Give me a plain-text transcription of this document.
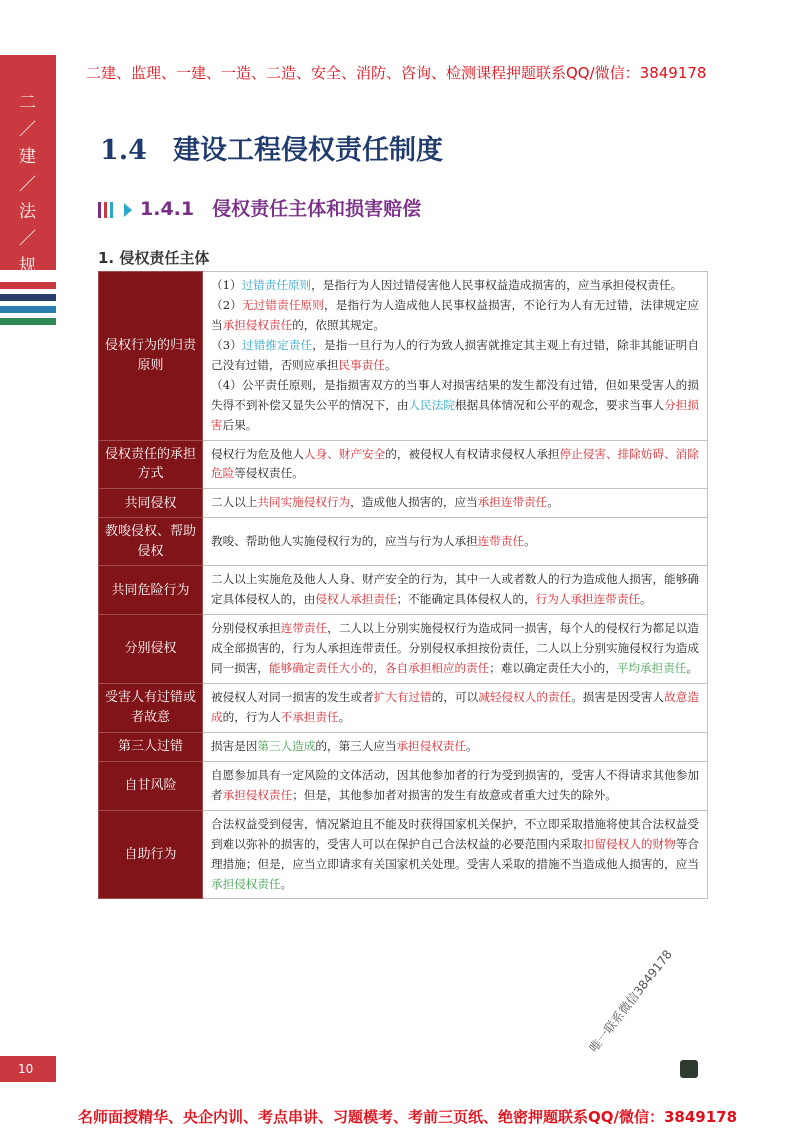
二
／
建
／
法
／
规
10
二建、监理、一建、一造、二造、安全、消防、咨询、检测课程押题联系QQ/微信：3849178
1.4 建设工程侵权责任制度
1.4.1 侵权责任主体和损害赔偿
1. 侵权责任主体
侵权行为的归责原则	（1）过错责任原则，是指行为人因过错侵害他人民事权益造成损害的，应当承担侵权责任。
（2）无过错责任原则，是指行为人造成他人民事权益损害，不论行为人有无过错，法律规定应当承担侵权责任的，依照其规定。
（3）过错推定责任，是指一旦行为人的行为致人损害就推定其主观上有过错，除非其能证明自己没有过错，否则应承担民事责任。
（4）公平责任原则，是指损害双方的当事人对损害结果的发生都没有过错，但如果受害人的损失得不到补偿又显失公平的情况下，由人民法院根据具体情况和公平的观念，要求当事人分担损害后果。

侵权责任的承担方式	侵权行为危及他人人身、财产安全的，被侵权人有权请求侵权人承担停止侵害、排除妨碍、消除危险等侵权责任。
共同侵权	二人以上共同实施侵权行为，造成他人损害的，应当承担连带责任。
教唆侵权、帮助侵权	教唆、帮助他人实施侵权行为的，应当与行为人承担连带责任。
共同危险行为	二人以上实施危及他人人身、财产安全的行为，其中一人或者数人的行为造成他人损害，能够确定具体侵权人的，由侵权人承担责任；不能确定具体侵权人的，行为人承担连带责任。
分别侵权	分别侵权承担连带责任，二人以上分别实施侵权行为造成同一损害，每个人的侵权行为都足以造成全部损害的，行为人承担连带责任。分别侵权承担按份责任，二人以上分别实施侵权行为造成同一损害，能够确定责任大小的，各自承担相应的责任；难以确定责任大小的，平均承担责任。
受害人有过错或者故意	被侵权人对同一损害的发生或者扩大有过错的，可以减轻侵权人的责任。损害是因受害人故意造成的，行为人不承担责任。
第三人过错	损害是因第三人造成的，第三人应当承担侵权责任。
自甘风险	自愿参加具有一定风险的文体活动，因其他参加者的行为受到损害的，受害人不得请求其他参加者承担侵权责任；但是，其他参加者对损害的发生有故意或者重大过失的除外。
自助行为	合法权益受到侵害，情况紧迫且不能及时获得国家机关保护，不立即采取措施将使其合法权益受到难以弥补的损害的，受害人可以在保护自己合法权益的必要范围内采取扣留侵权人的财物等合理措施；但是，应当立即请求有关国家机关处理。受害人采取的措施不当造成他人损害的，应当承担侵权责任。
唯一联系微信3849178
名师面授精华、央企内训、考点串讲、习题模考、考前三页纸、绝密押题联系QQ/微信：3849178
